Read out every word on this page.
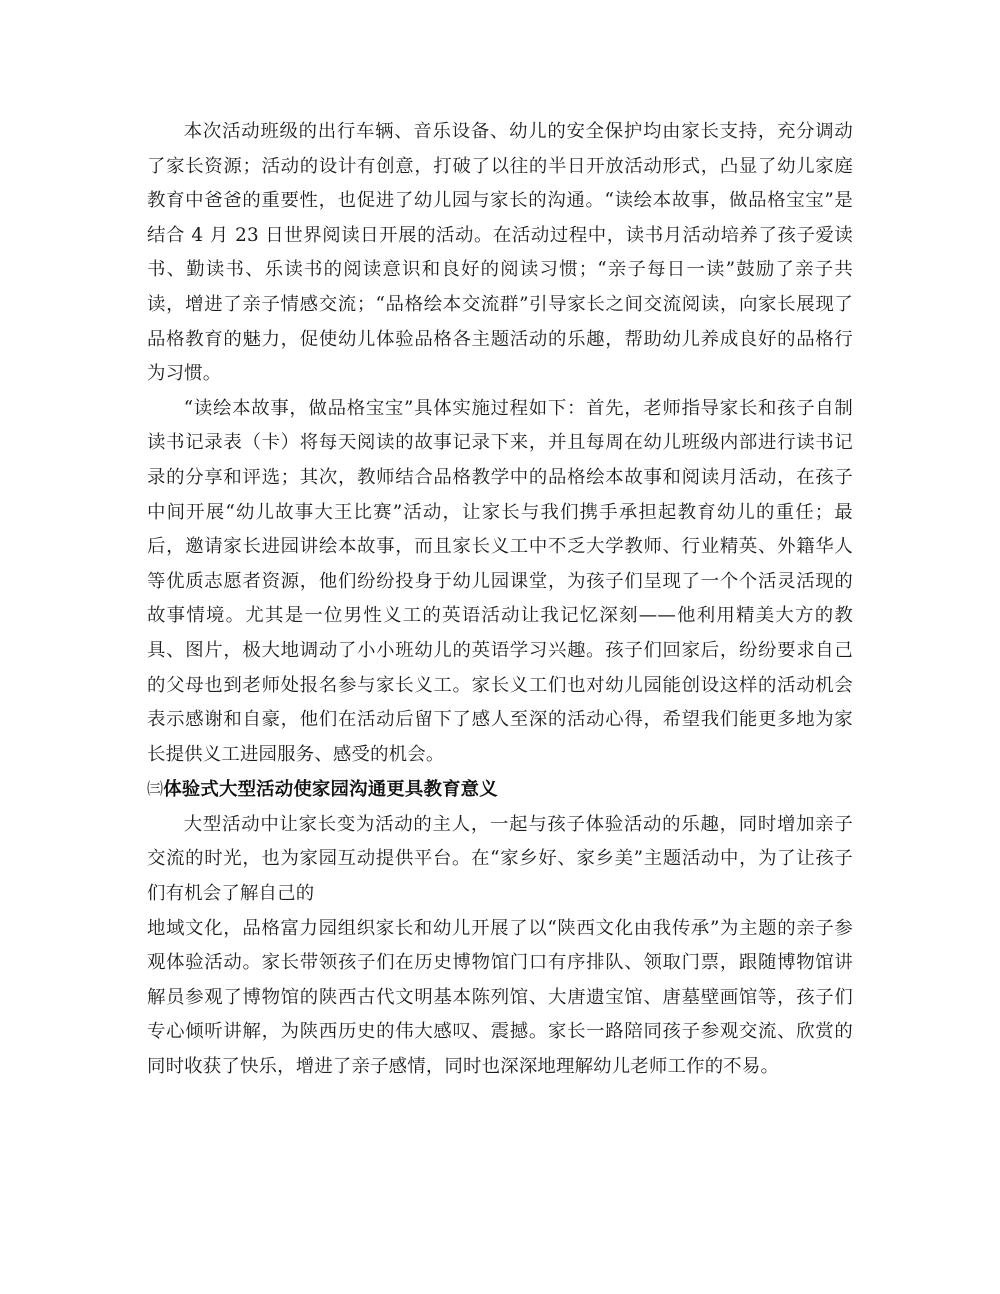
本次活动班级的出行车辆、音乐设备、幼儿的安全保护均由家长支持，充分调动了家长资源；活动的设计有创意，打破了以往的半日开放活动形式，凸显了幼儿家庭教育中爸爸的重要性，也促进了幼儿园与家长的沟通。“读绘本故事，做品格宝宝”是结合 4 月 23 日世界阅读日开展的活动。在活动过程中，读书月活动培养了孩子爱读书、勤读书、乐读书的阅读意识和良好的阅读习惯；“亲子每日一读”鼓励了亲子共读，增进了亲子情感交流；“品格绘本交流群”引导家长之间交流阅读，向家长展现了品格教育的魅力，促使幼儿体验品格各主题活动的乐趣，帮助幼儿养成良好的品格行为习惯。

“读绘本故事，做品格宝宝”具体实施过程如下：首先，老师指导家长和孩子自制读书记录表（卡）将每天阅读的故事记录下来，并且每周在幼儿班级内部进行读书记录的分享和评选；其次，教师结合品格教学中的品格绘本故事和阅读月活动，在孩子中间开展“幼儿故事大王比赛”活动，让家长与我们携手承担起教育幼儿的重任；最后，邀请家长进园讲绘本故事，而且家长义工中不乏大学教师、行业精英、外籍华人等优质志愿者资源，他们纷纷投身于幼儿园课堂，为孩子们呈现了一个个活灵活现的故事情境。尤其是一位男性义工的英语活动让我记忆深刻——他利用精美大方的教具、图片，极大地调动了小小班幼儿的英语学习兴趣。孩子们回家后，纷纷要求自己的父母也到老师处报名参与家长义工。家长义工们也对幼儿园能创设这样的活动机会表示感谢和自豪，他们在活动后留下了感人至深的活动心得，希望我们能更多地为家长提供义工进园服务、感受的机会。

㈢体验式大型活动使家园沟通更具教育意义

大型活动中让家长变为活动的主人，一起与孩子体验活动的乐趣，同时增加亲子交流的时光，也为家园互动提供平台。在“家乡好、家乡美”主题活动中，为了让孩子们有机会了解自己的

地域文化，品格富力园组织家长和幼儿开展了以“陕西文化由我传承”为主题的亲子参观体验活动。家长带领孩子们在历史博物馆门口有序排队、领取门票，跟随博物馆讲解员参观了博物馆的陕西古代文明基本陈列馆、大唐遗宝馆、唐墓壁画馆等，孩子们专心倾听讲解，为陕西历史的伟大感叹、震撼。家长一路陪同孩子参观交流、欣赏的同时收获了快乐，增进了亲子感情，同时也深深地理解幼儿老师工作的不易。
